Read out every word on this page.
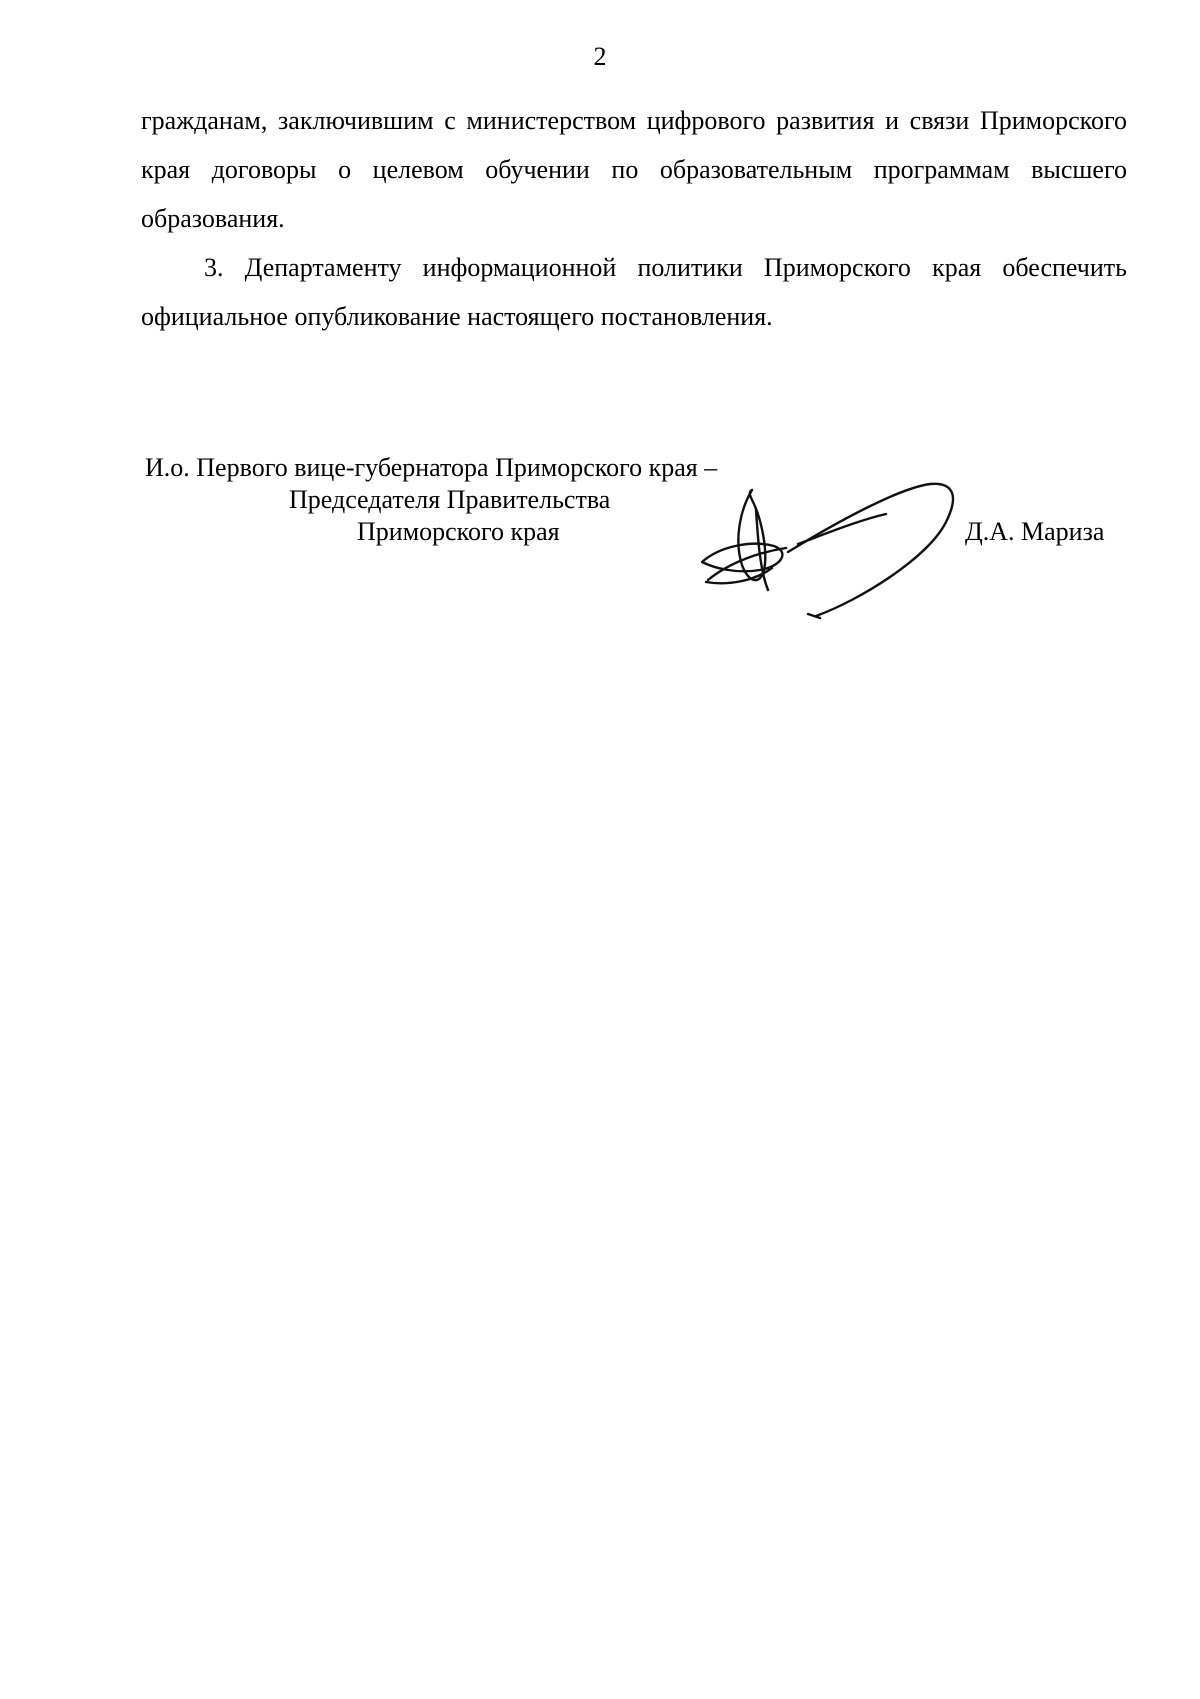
2

гражданам, заключившим с министерством цифрового развития и связи Приморского края договоры о целевом обучении по образовательным программам высшего образования.

3. Департаменту информационной политики Приморского края обеспечить официальное опубликование настоящего постановления.

И.о. Первого вице-губернатора Приморского края –
Председателя Правительства
Приморского края	Д.А. Мариза
